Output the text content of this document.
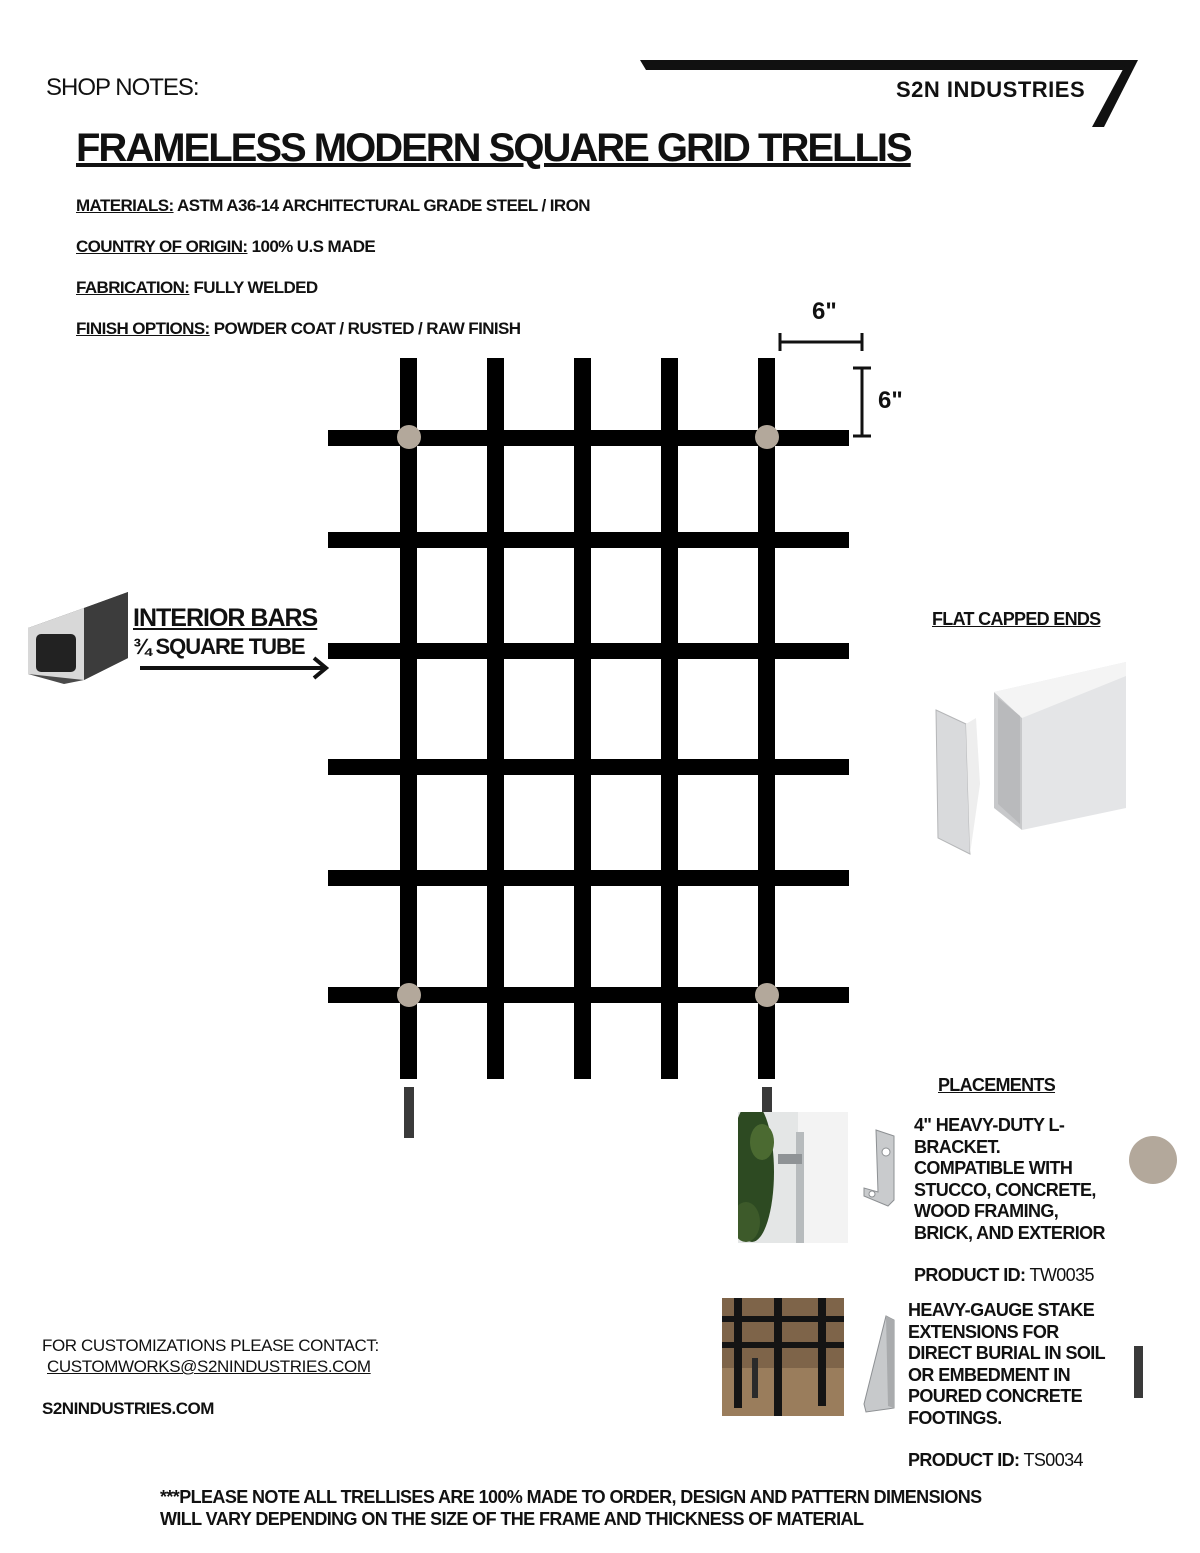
SHOP NOTES:	S2N INDUSTRIES
FRAMELESS MODERN SQUARE GRID TRELLIS
MATERIALS: ASTM A36-14 ARCHITECTURAL GRADE STEEL / IRON
COUNTRY OF ORIGIN: 100% U.S MADE
FABRICATION: FULLY WELDED
FINISH OPTIONS: POWDER COAT / RUSTED / RAW FINISH
6"
6"
INTERIOR BARS
¾ SQUARE TUBE
FLAT CAPPED ENDS
PLACEMENTS
4" HEAVY-DUTY L-
BRACKET.
COMPATIBLE WITH
STUCCO, CONCRETE,
WOOD FRAMING,
BRICK, AND EXTERIOR
PRODUCT ID: TW0035
HEAVY-GAUGE STAKE
EXTENSIONS FOR
DIRECT BURIAL IN SOIL
OR EMBEDMENT IN
POURED CONCRETE
FOOTINGS.
PRODUCT ID: TS0034
FOR CUSTOMIZATIONS PLEASE CONTACT:
CUSTOMWORKS@S2NINDUSTRIES.COM
S2NINDUSTRIES.COM
***PLEASE NOTE ALL TRELLISES ARE 100% MADE TO ORDER, DESIGN AND PATTERN DIMENSIONS
WILL VARY DEPENDING ON THE SIZE OF THE FRAME AND THICKNESS OF MATERIAL
